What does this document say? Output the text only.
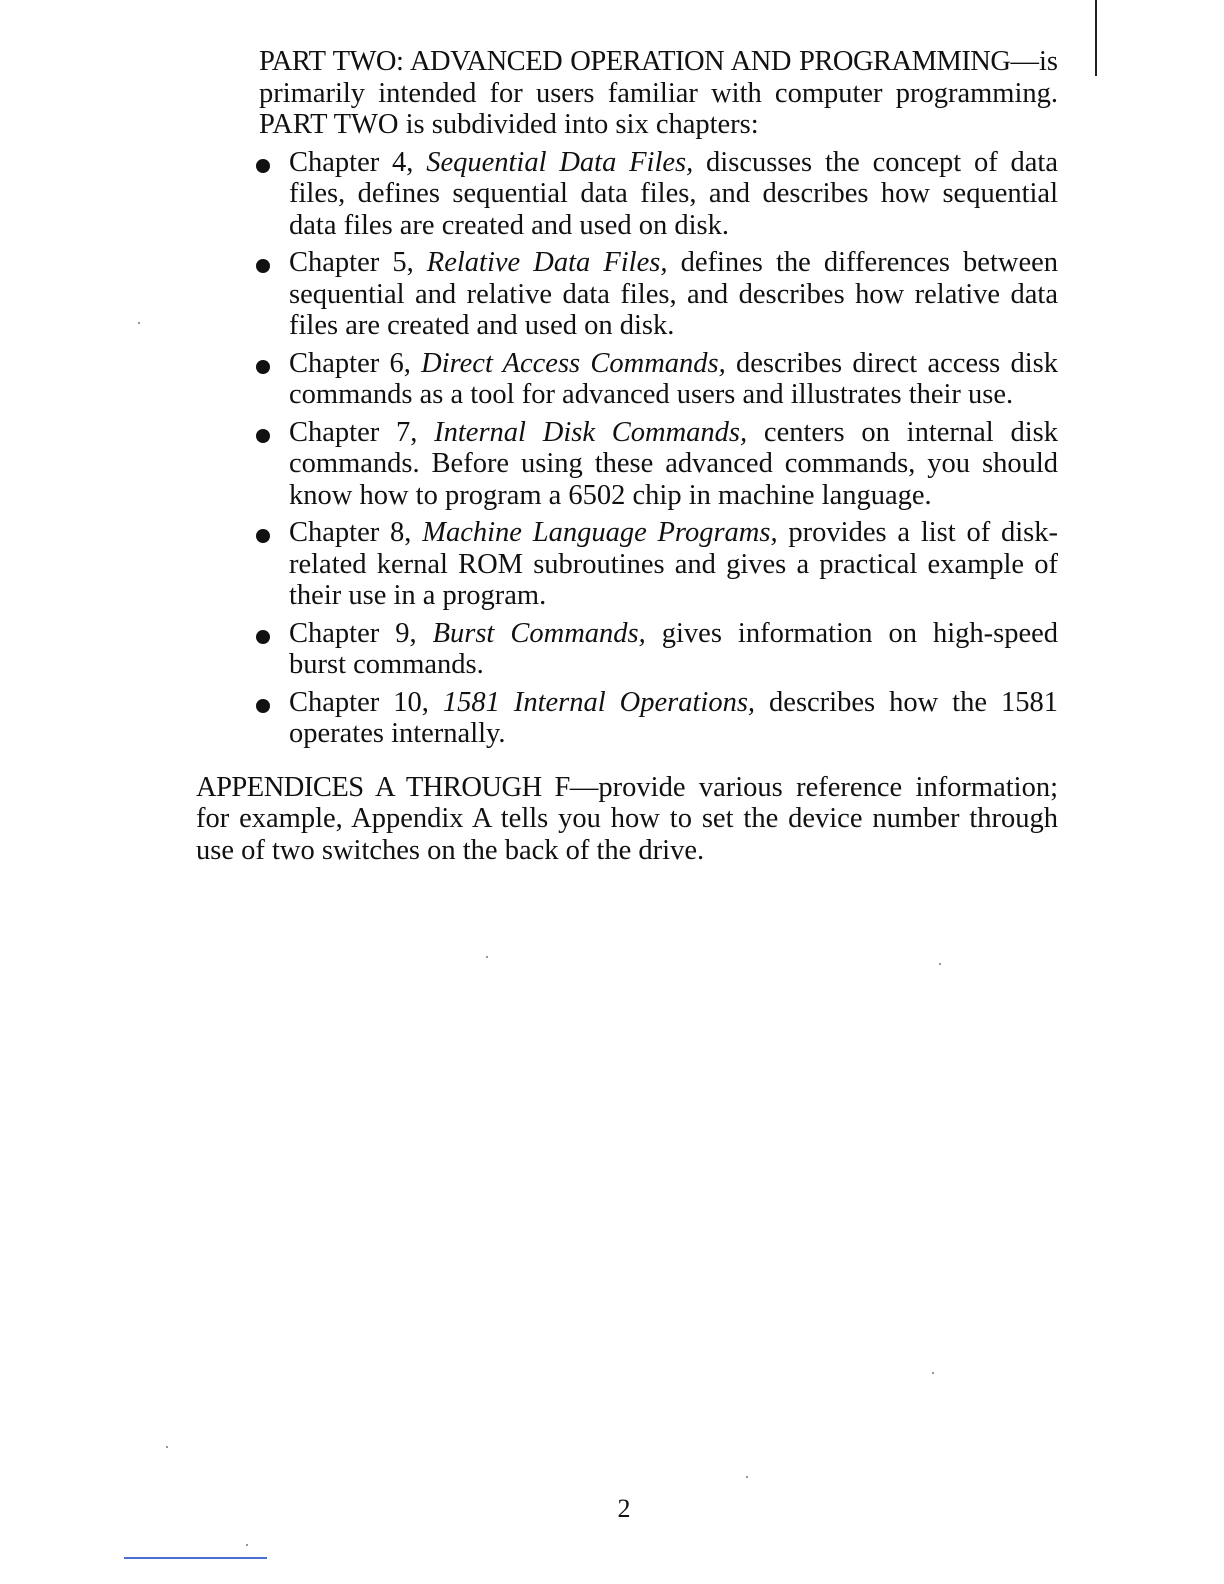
PART TWO: ADVANCED OPERATION AND PROGRAMMING—is primarily intended for users familiar with computer programming. PART TWO is subdivided into six chapters:

Chapter 4, Sequential Data Files, discusses the concept of data files, defines sequential data files, and describes how sequential data files are created and used on disk.
Chapter 5, Relative Data Files, defines the differences between sequential and relative data files, and describes how relative data files are created and used on disk.
Chapter 6, Direct Access Commands, describes direct access disk commands as a tool for advanced users and illustrates their use.
Chapter 7, Internal Disk Commands, centers on internal disk commands. Before using these advanced commands, you should know how to program a 6502 chip in machine language.
Chapter 8, Machine Language Programs, provides a list of disk-related kernal ROM subroutines and gives a practical example of their use in a program.
Chapter 9, Burst Commands, gives information on high-speed burst commands.
Chapter 10, 1581 Internal Operations, describes how the 1581 operates internally.

APPENDICES A THROUGH F—provide various reference information; for example, Appendix A tells you how to set the device number through use of two switches on the back of the drive.

2
